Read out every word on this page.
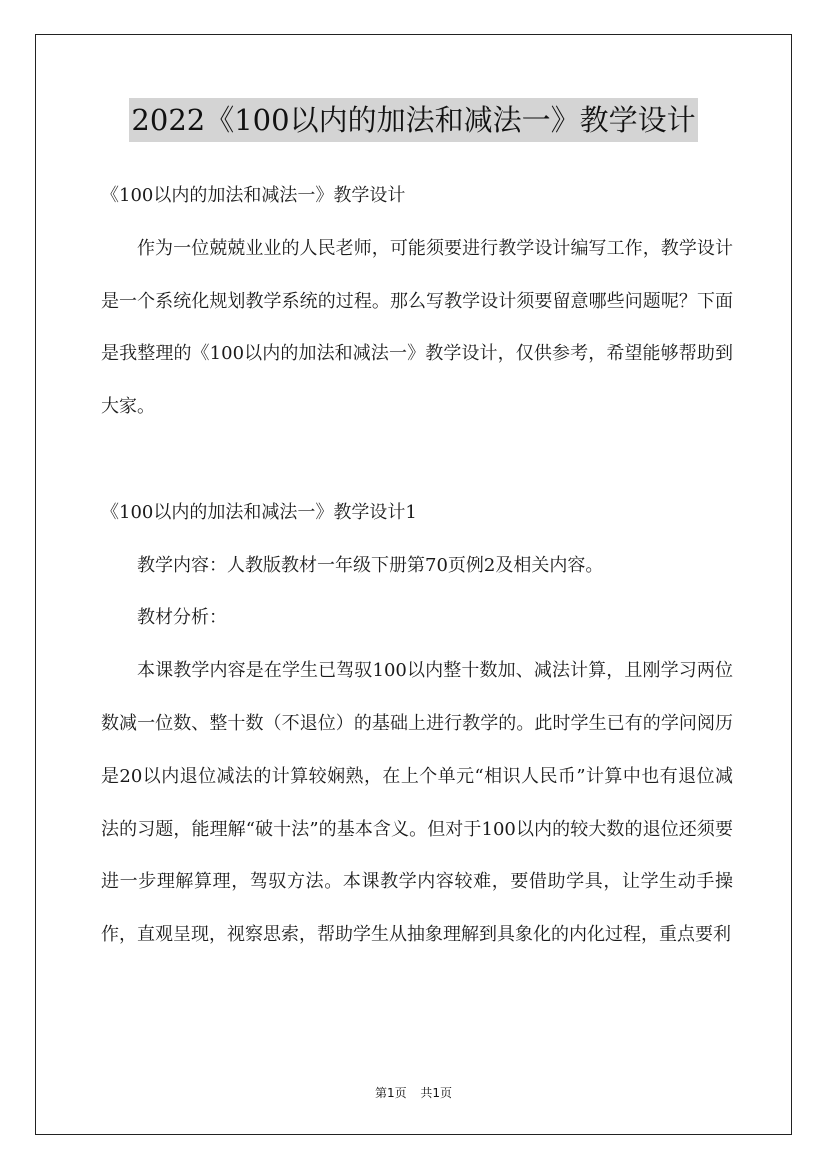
2022《100以内的加法和减法一》教学设计

《100以内的加法和减法一》教学设计

作为一位兢兢业业的人民老师，可能须要进行教学设计编写工作，教学设计是一个系统化规划教学系统的过程。那么写教学设计须要留意哪些问题呢？下面是我整理的《100以内的加法和减法一》教学设计，仅供参考，希望能够帮助到大家。

《100以内的加法和减法一》教学设计1

教学内容：人教版教材一年级下册第70页例2及相关内容。

教材分析：

本课教学内容是在学生已驾驭100以内整十数加、减法计算，且刚学习两位数减一位数、整十数（不退位）的基础上进行教学的。此时学生已有的学问阅历是20以内退位减法的计算较娴熟，在上个单元“相识人民币”计算中也有退位减法的习题，能理解“破十法”的基本含义。但对于100以内的较大数的退位还须要进一步理解算理，驾驭方法。本课教学内容较难，要借助学具，让学生动手操作，直观呈现，视察思索，帮助学生从抽象理解到具象化的内化过程，重点要利

第1页 共1页
